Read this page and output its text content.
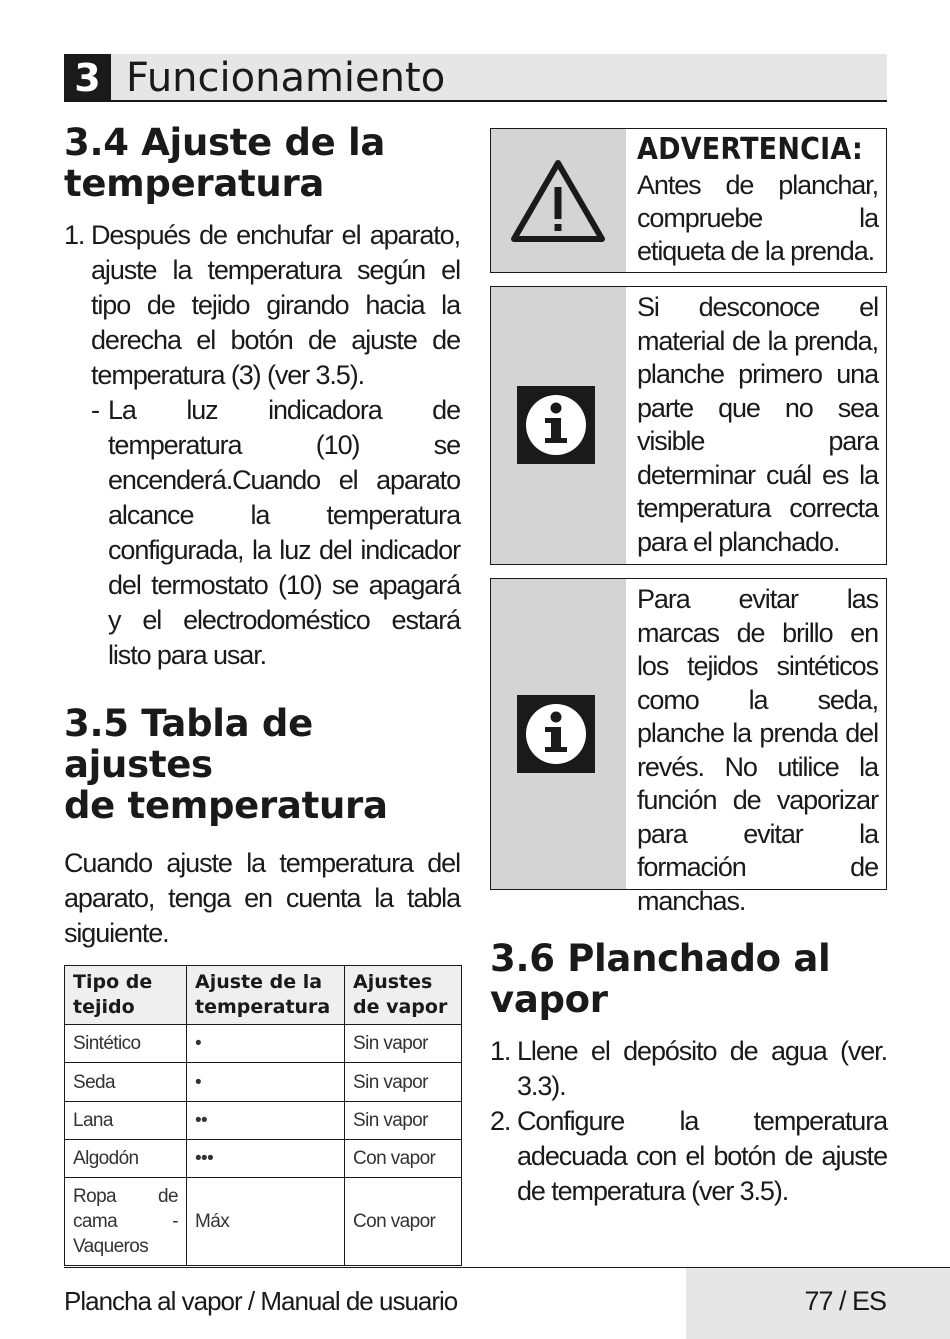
3 Funcionamiento
3.4 Ajuste de la
temperatura
1. Después de enchufar el aparato, ajuste la temperatura según el tipo de tejido girando hacia la derecha el botón de ajuste de temperatura (3) (ver 3.5).
- La luz indicadora de temperatura (10) se encenderá.Cuando el aparato alcance la temperatura configurada, la luz del indicador del termostato (10) se apagará y el electrodoméstico estará listo para usar.
3.5 Tabla de ajustes
de temperatura
Cuando ajuste la temperatura del aparato, tenga en cuenta la tabla siguiente.
Tipo de tejido	Ajuste de la temperatura	Ajustes de vapor
Sintético	•	Sin vapor
Seda	•	Sin vapor
Lana	••	Sin vapor
Algodón	•••	Con vapor
Ropa de cama - Vaqueros	Máx	Con vapor
ADVERTENCIA:
Antes de planchar, compruebe la etiqueta de la prenda.
Si desconoce el material de la prenda, planche primero una parte que no sea visible para determinar cuál es la temperatura correcta para el planchado.
Para evitar las marcas de brillo en los tejidos sintéticos como la seda, planche la prenda del revés. No utilice la función de vaporizar para evitar la formación de manchas.
3.6 Planchado al
vapor
1. Llene el depósito de agua (ver. 3.3).
2. Configure la temperatura adecuada con el botón de ajuste de temperatura (ver 3.5).
Plancha al vapor / Manual de usuario	77 / ES
